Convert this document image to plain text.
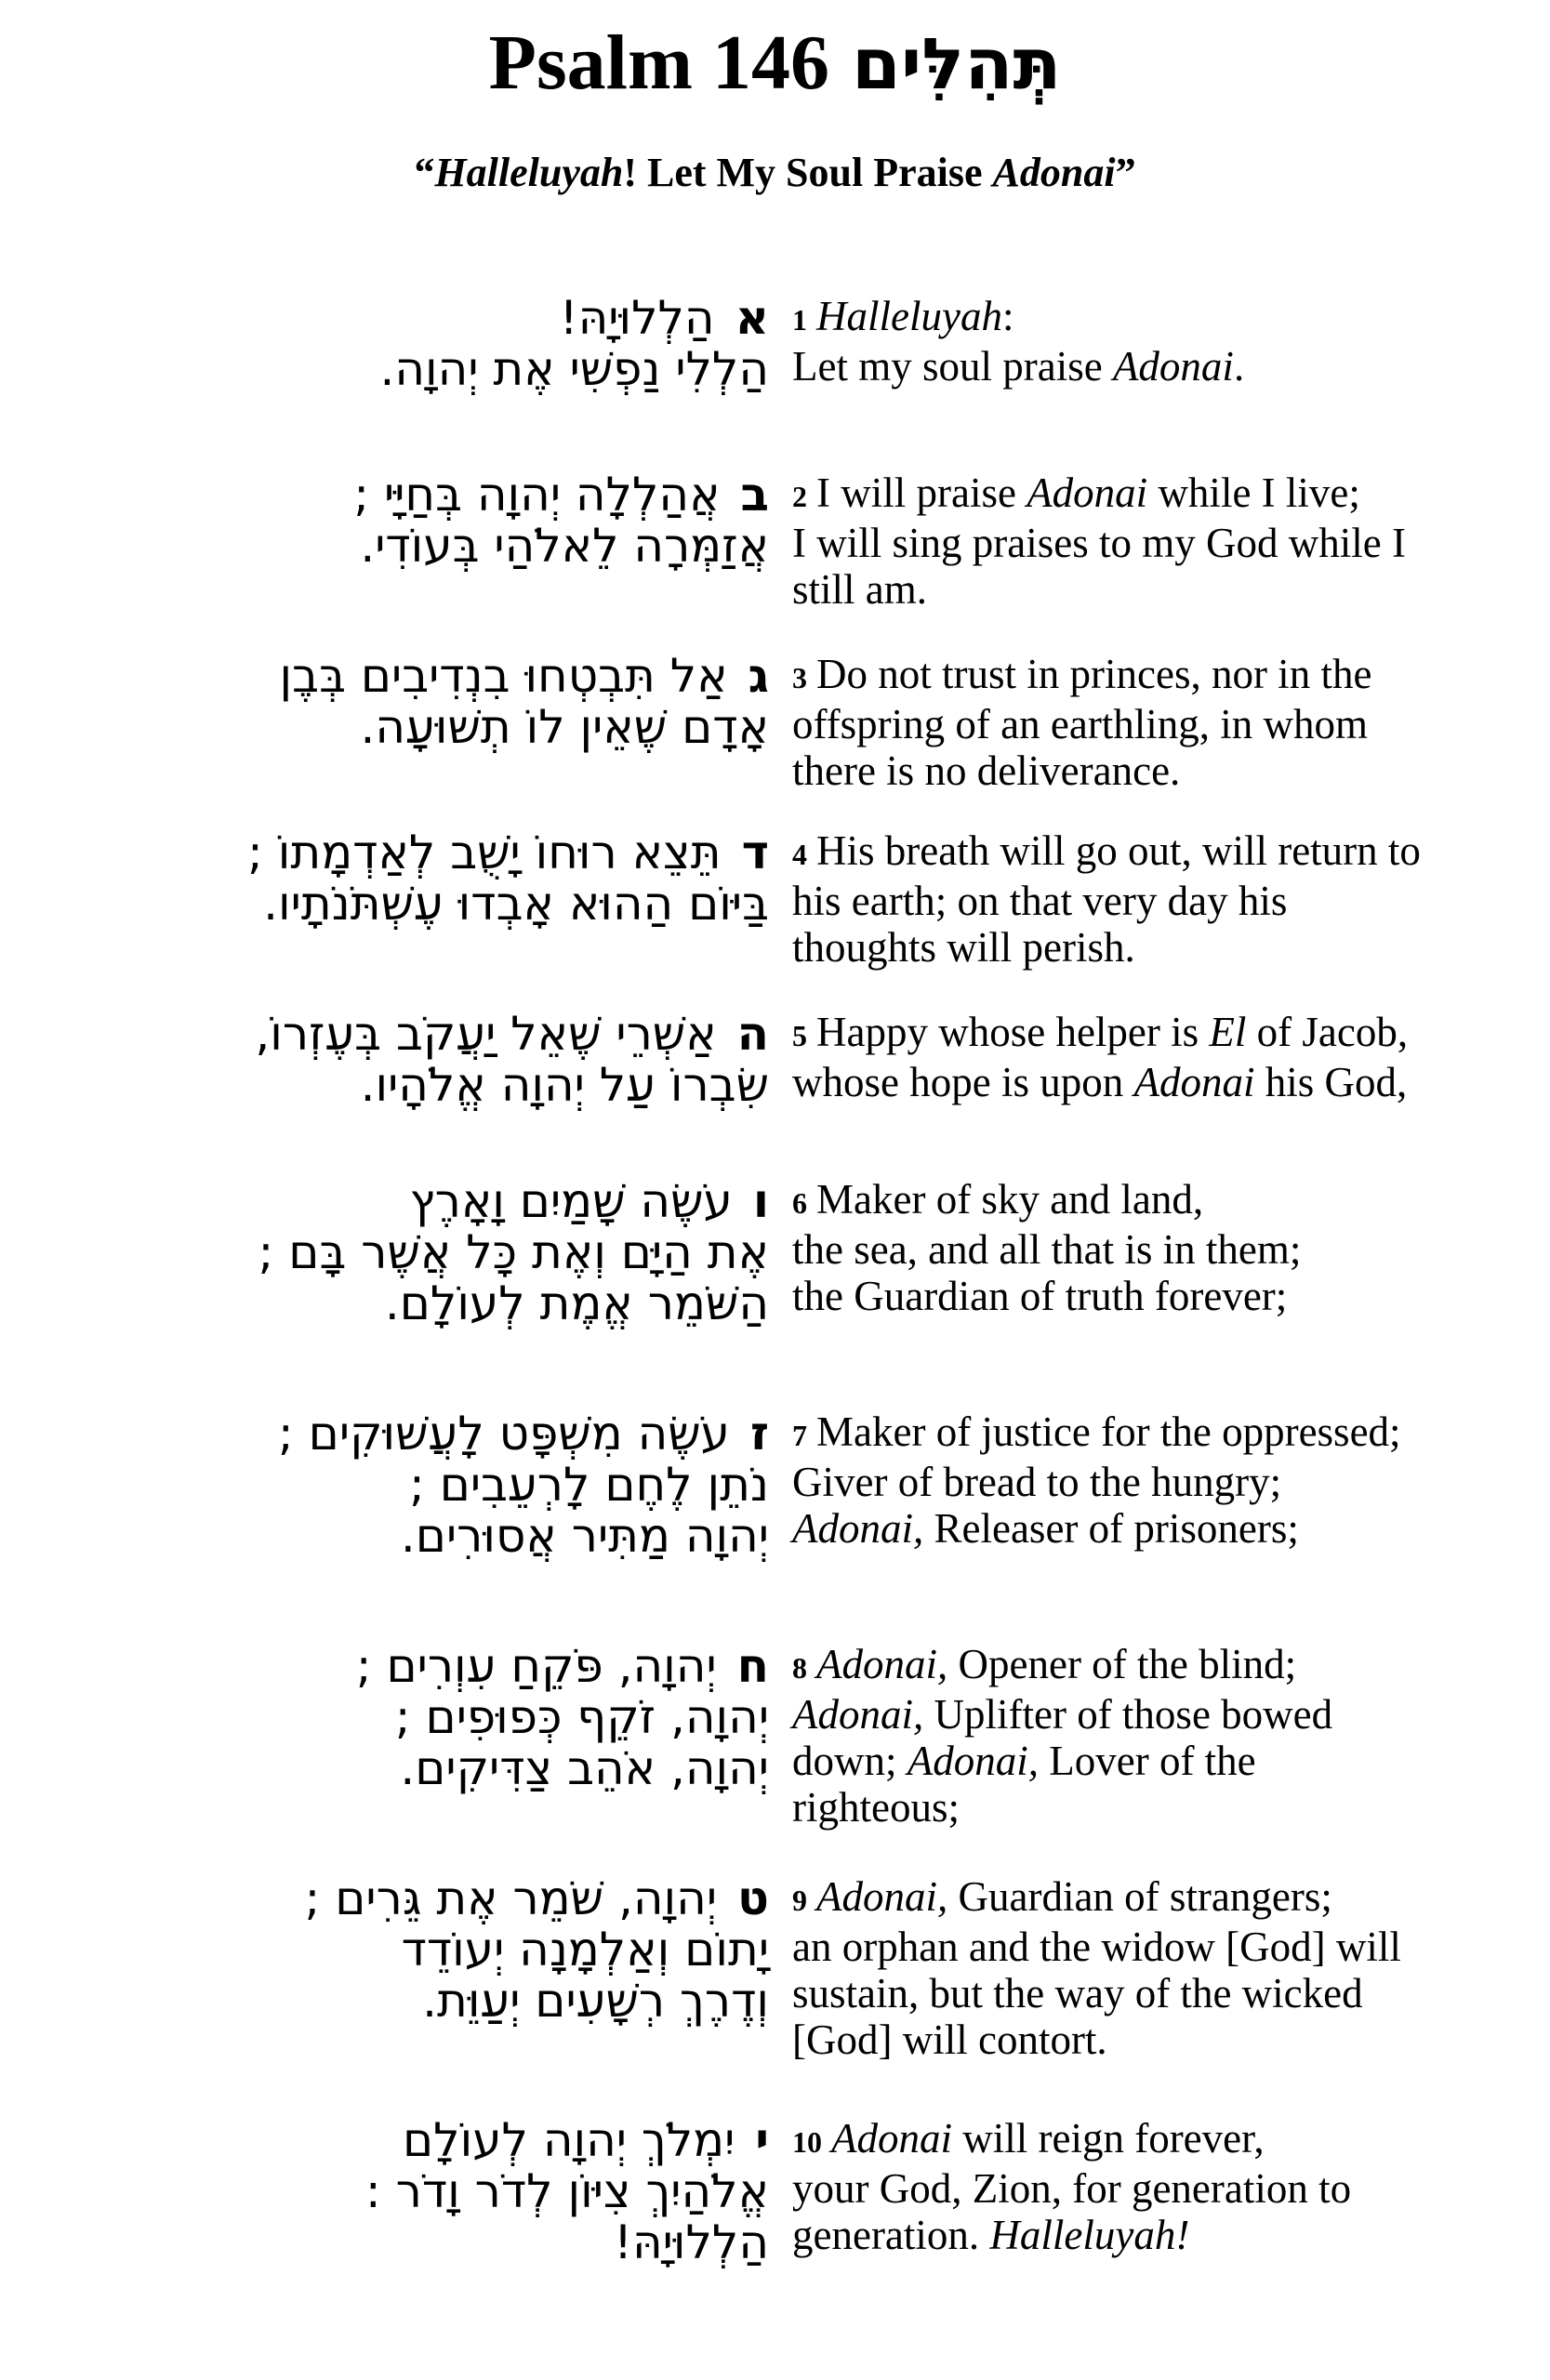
Psalm 146 תְּהִלִּים
“Halleluyah! Let My Soul Praise Adonai”
אהַלְלוּיָהּ!
הַלְלִי נַפְשִׁי אֶת יְהוָה.
1 Halleluyah:
Let my soul praise Adonai.
באֲהַלְלָה יְהוָה בְּחַיָּי ;
אֲזַמְּרָה לֵאלֹהַי בְּעוֹדִי.
2 I will praise Adonai while I live;
I will sing praises to my God while I
still am.
גאַל תִּבְטְחוּ בִנְדִיבִים בְּבֶן
אָדָם שֶׁאֵין לוֹ תְשׁוּעָה.
3 Do not trust in princes, nor in the
offspring of an earthling, in whom
there is no deliverance.
דתֵּצֵא רוּחוֹ יָשֻׁב לְאַדְמָתוֹ ;
בַּיּוֹם הַהוּא אָבְדוּ עֶשְׁתֹּנֹתָיו.
4 His breath will go out, will return to
his earth; on that very day his
thoughts will perish.
האַשְׁרֵי שֶׁאֵל יַעֲקֹב בְּעֶזְרוֹ,
שִׂבְרוֹ עַל יְהוָה אֱלֹהָיו.
5 Happy whose helper is El of Jacob,
whose hope is upon Adonai his God,
ועֹשֶׂה שָׁמַיִם וָאָרֶץ
אֶת הַיָּם וְאֶת כָּל אֲשֶׁר בָּם ;
הַשֹּׁמֵר אֱמֶת לְעוֹלָם.
6 Maker of sky and land,
the sea, and all that is in them;
the Guardian of truth forever;
זעֹשֶׂה מִשְׁפָּט לָעֲשׁוּקִים ;
נֹתֵן לֶחֶם לָרְעֵבִים ;
יְהוָה מַתִּיר אֲסוּרִים.
7 Maker of justice for the oppressed;
Giver of bread to the hungry;
Adonai, Releaser of prisoners;
חיְהוָה, פֹּקֵחַ עִוְרִים ;
יְהוָה, זֹקֵף כְּפוּפִים ;
יְהוָה, אֹהֵב צַדִּיקִים.
8 Adonai, Opener of the blind;
Adonai, Uplifter of those bowed
down; Adonai, Lover of the
righteous;
טיְהוָה, שֹׁמֵר אֶת גֵּרִים ;
יָתוֹם וְאַלְמָנָה יְעוֹדֵד
וְדֶרֶךְ רְשָׁעִים יְעַוֵּת.
9 Adonai, Guardian of strangers;
an orphan and the widow [God] will
sustain, but the way of the wicked
[God] will contort.
ייִמְלֹךְ יְהוָה לְעוֹלָם
אֱלֹהַיִךְ צִיּוֹן לְדֹר וָדֹר :
הַלְלוּיָהּ!
10 Adonai will reign forever,
your God, Zion, for generation to
generation. Halleluyah!
